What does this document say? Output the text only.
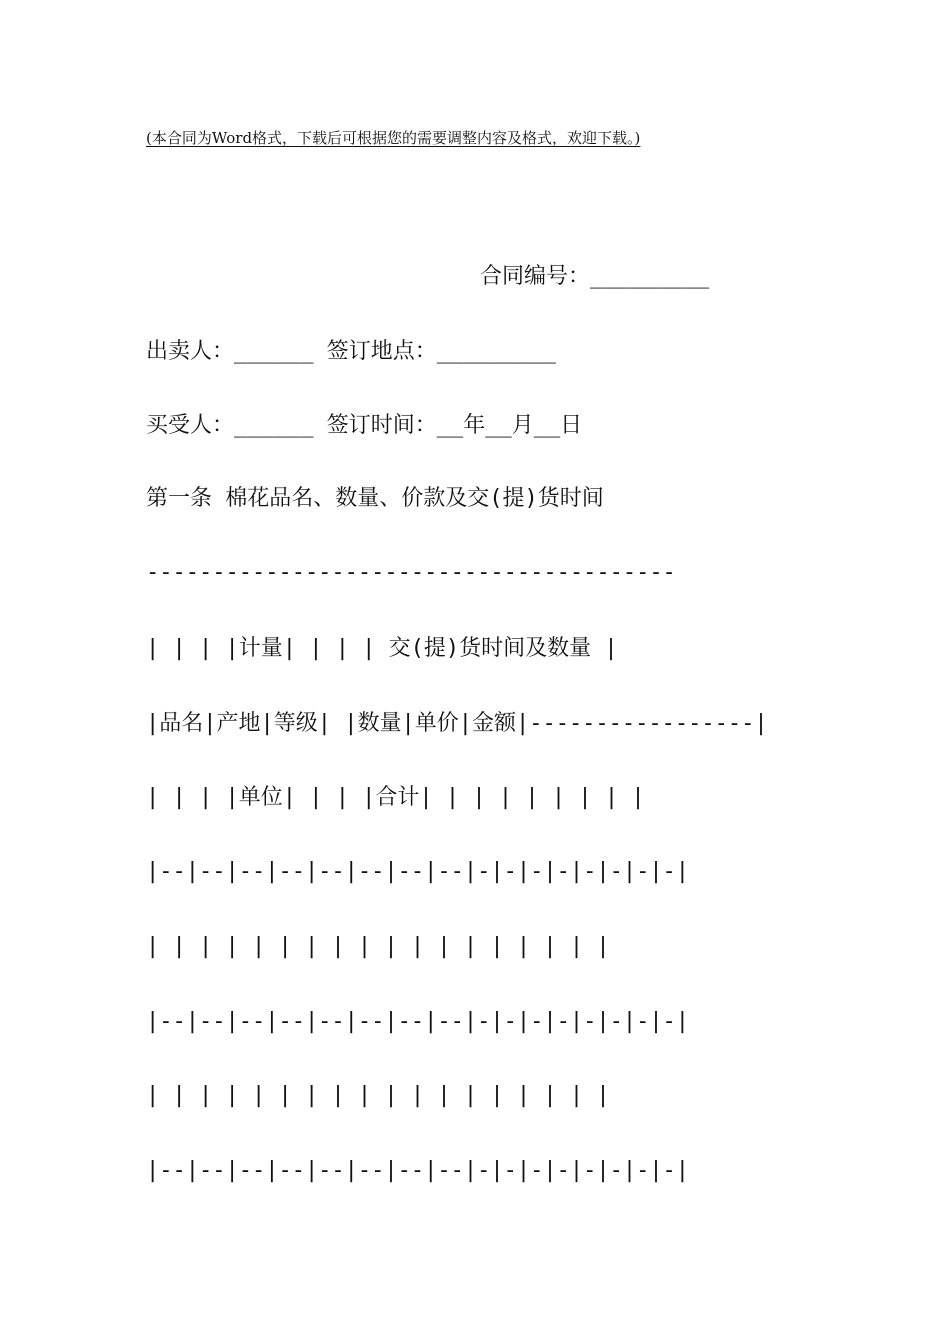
(本合同为Word格式，下载后可根据您的需要调整内容及格式，欢迎下载。)
合同编号：_________
出卖人：______ 签订地点：_________
买受人：______ 签订时间：__年__月__日
第一条 棉花品名、数量、价款及交(提)货时间
----------------------------------------
| | | |计量| | | | 交(提)货时间及数量 |
|品名|产地|等级| |数量|单价|金额|-----------------|
| | | |单位| | | |合计| | | | | | | | |
|--|--|--|--|--|--|--|--|-|-|-|-|-|-|-|-|
| | | | | | | | | | | | | | | | | |
|--|--|--|--|--|--|--|--|-|-|-|-|-|-|-|-|
| | | | | | | | | | | | | | | | | |
|--|--|--|--|--|--|--|--|-|-|-|-|-|-|-|-|
